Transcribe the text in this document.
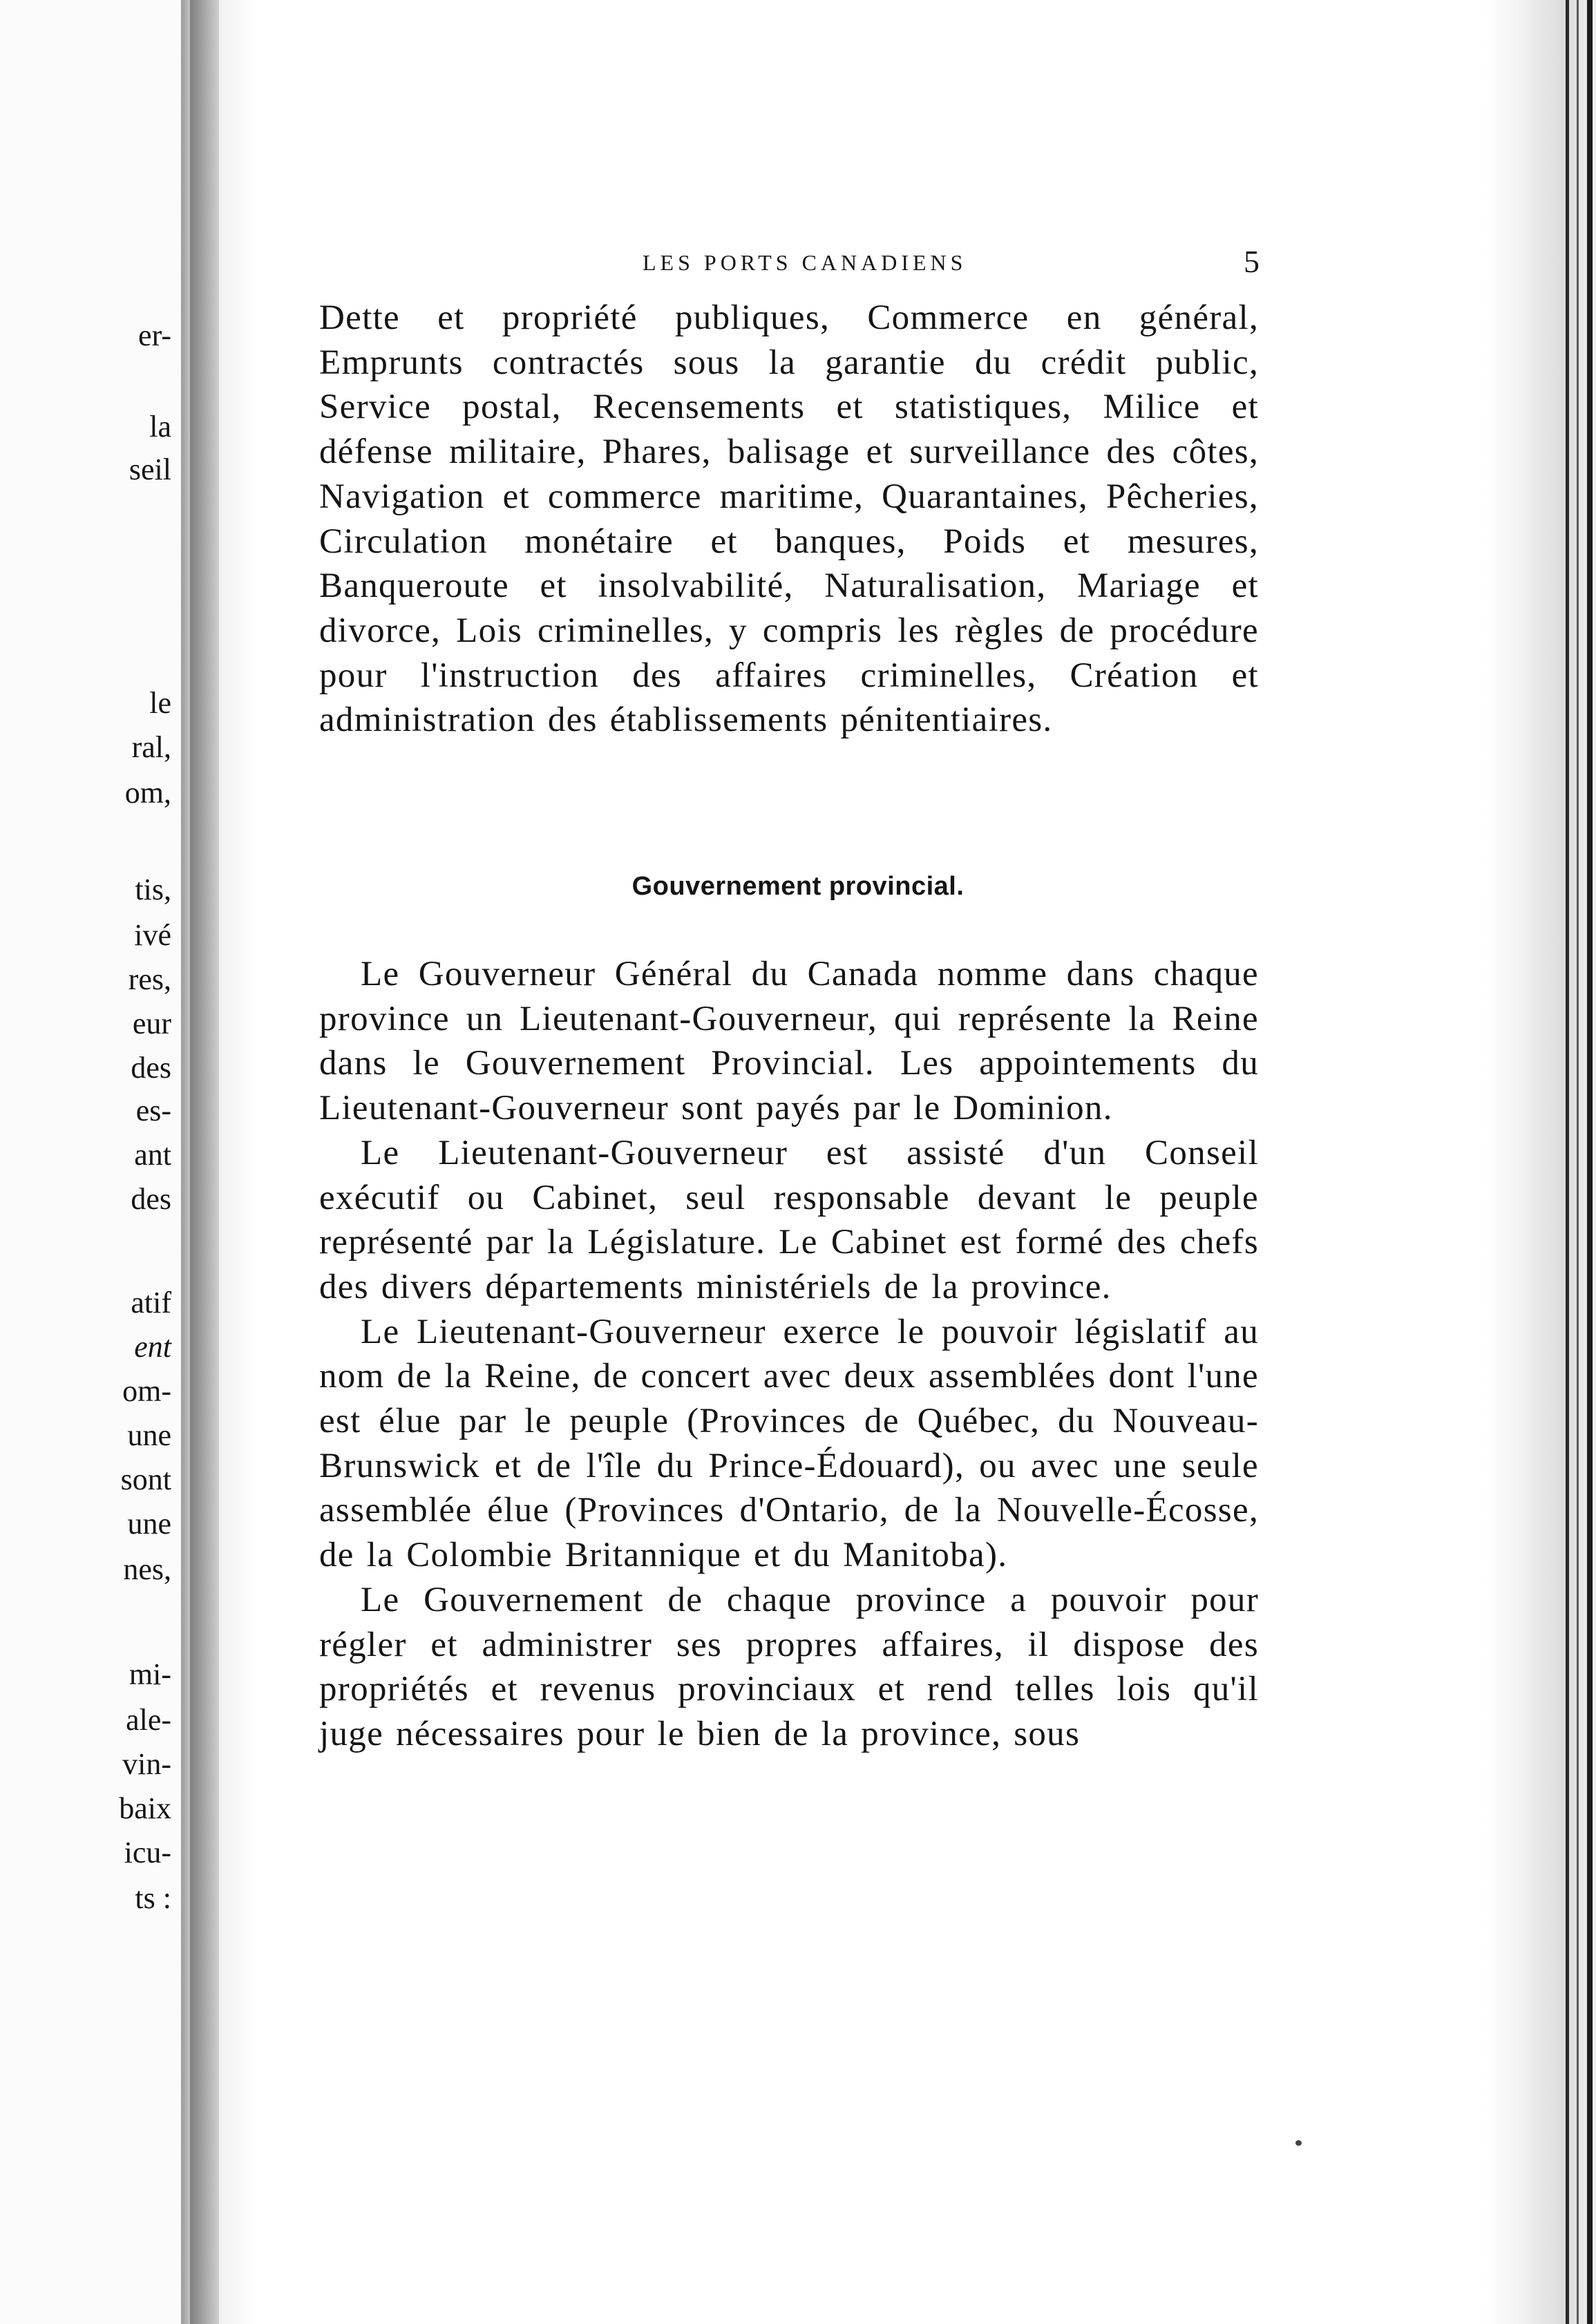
er-
la
seil
le
ral,
om,
tis,
ivé
res,
eur
des
es-
ant
des
atif
ent
om-
une
sont
une
nes,
mi-
ale-
vin-
baix
icu-
ts :
LES PORTS CANADIENS	5

Dette et propriété publiques, Commerce en général, Emprunts contractés sous la garantie du crédit public, Service postal, Recensements et statistiques, Milice et défense militaire, Phares, balisage et surveillance des côtes, Navigation et commerce maritime, Quarantaines, Pêcheries, Circulation monétaire et banques, Poids et mesures, Banqueroute et insolvabilité, Naturalisation, Mariage et divorce, Lois criminelles, y compris les règles de procédure pour l'instruction des affaires criminelles, Création et administration des établissements pénitentiaires.

Gouvernement provincial.

Le Gouverneur Général du Canada nomme dans chaque province un Lieutenant-Gouverneur, qui représente la Reine dans le Gouvernement Provincial. Les appointements du Lieutenant-Gouverneur sont payés par le Dominion.

Le Lieutenant-Gouverneur est assisté d'un Conseil exécutif ou Cabinet, seul responsable devant le peuple représenté par la Législature. Le Cabinet est formé des chefs des divers départements ministériels de la province.

Le Lieutenant-Gouverneur exerce le pouvoir législatif au nom de la Reine, de concert avec deux assemblées dont l'une est élue par le peuple (Provinces de Québec, du Nouveau-Brunswick et de l'île du Prince-Édouard), ou avec une seule assemblée élue (Provinces d'Ontario, de la Nouvelle-Écosse, de la Colombie Britannique et du Manitoba).

Le Gouvernement de chaque province a pouvoir pour régler et administrer ses propres affaires, il dispose des propriétés et revenus provinciaux et rend telles lois qu'il juge nécessaires pour le bien de la province, sous
